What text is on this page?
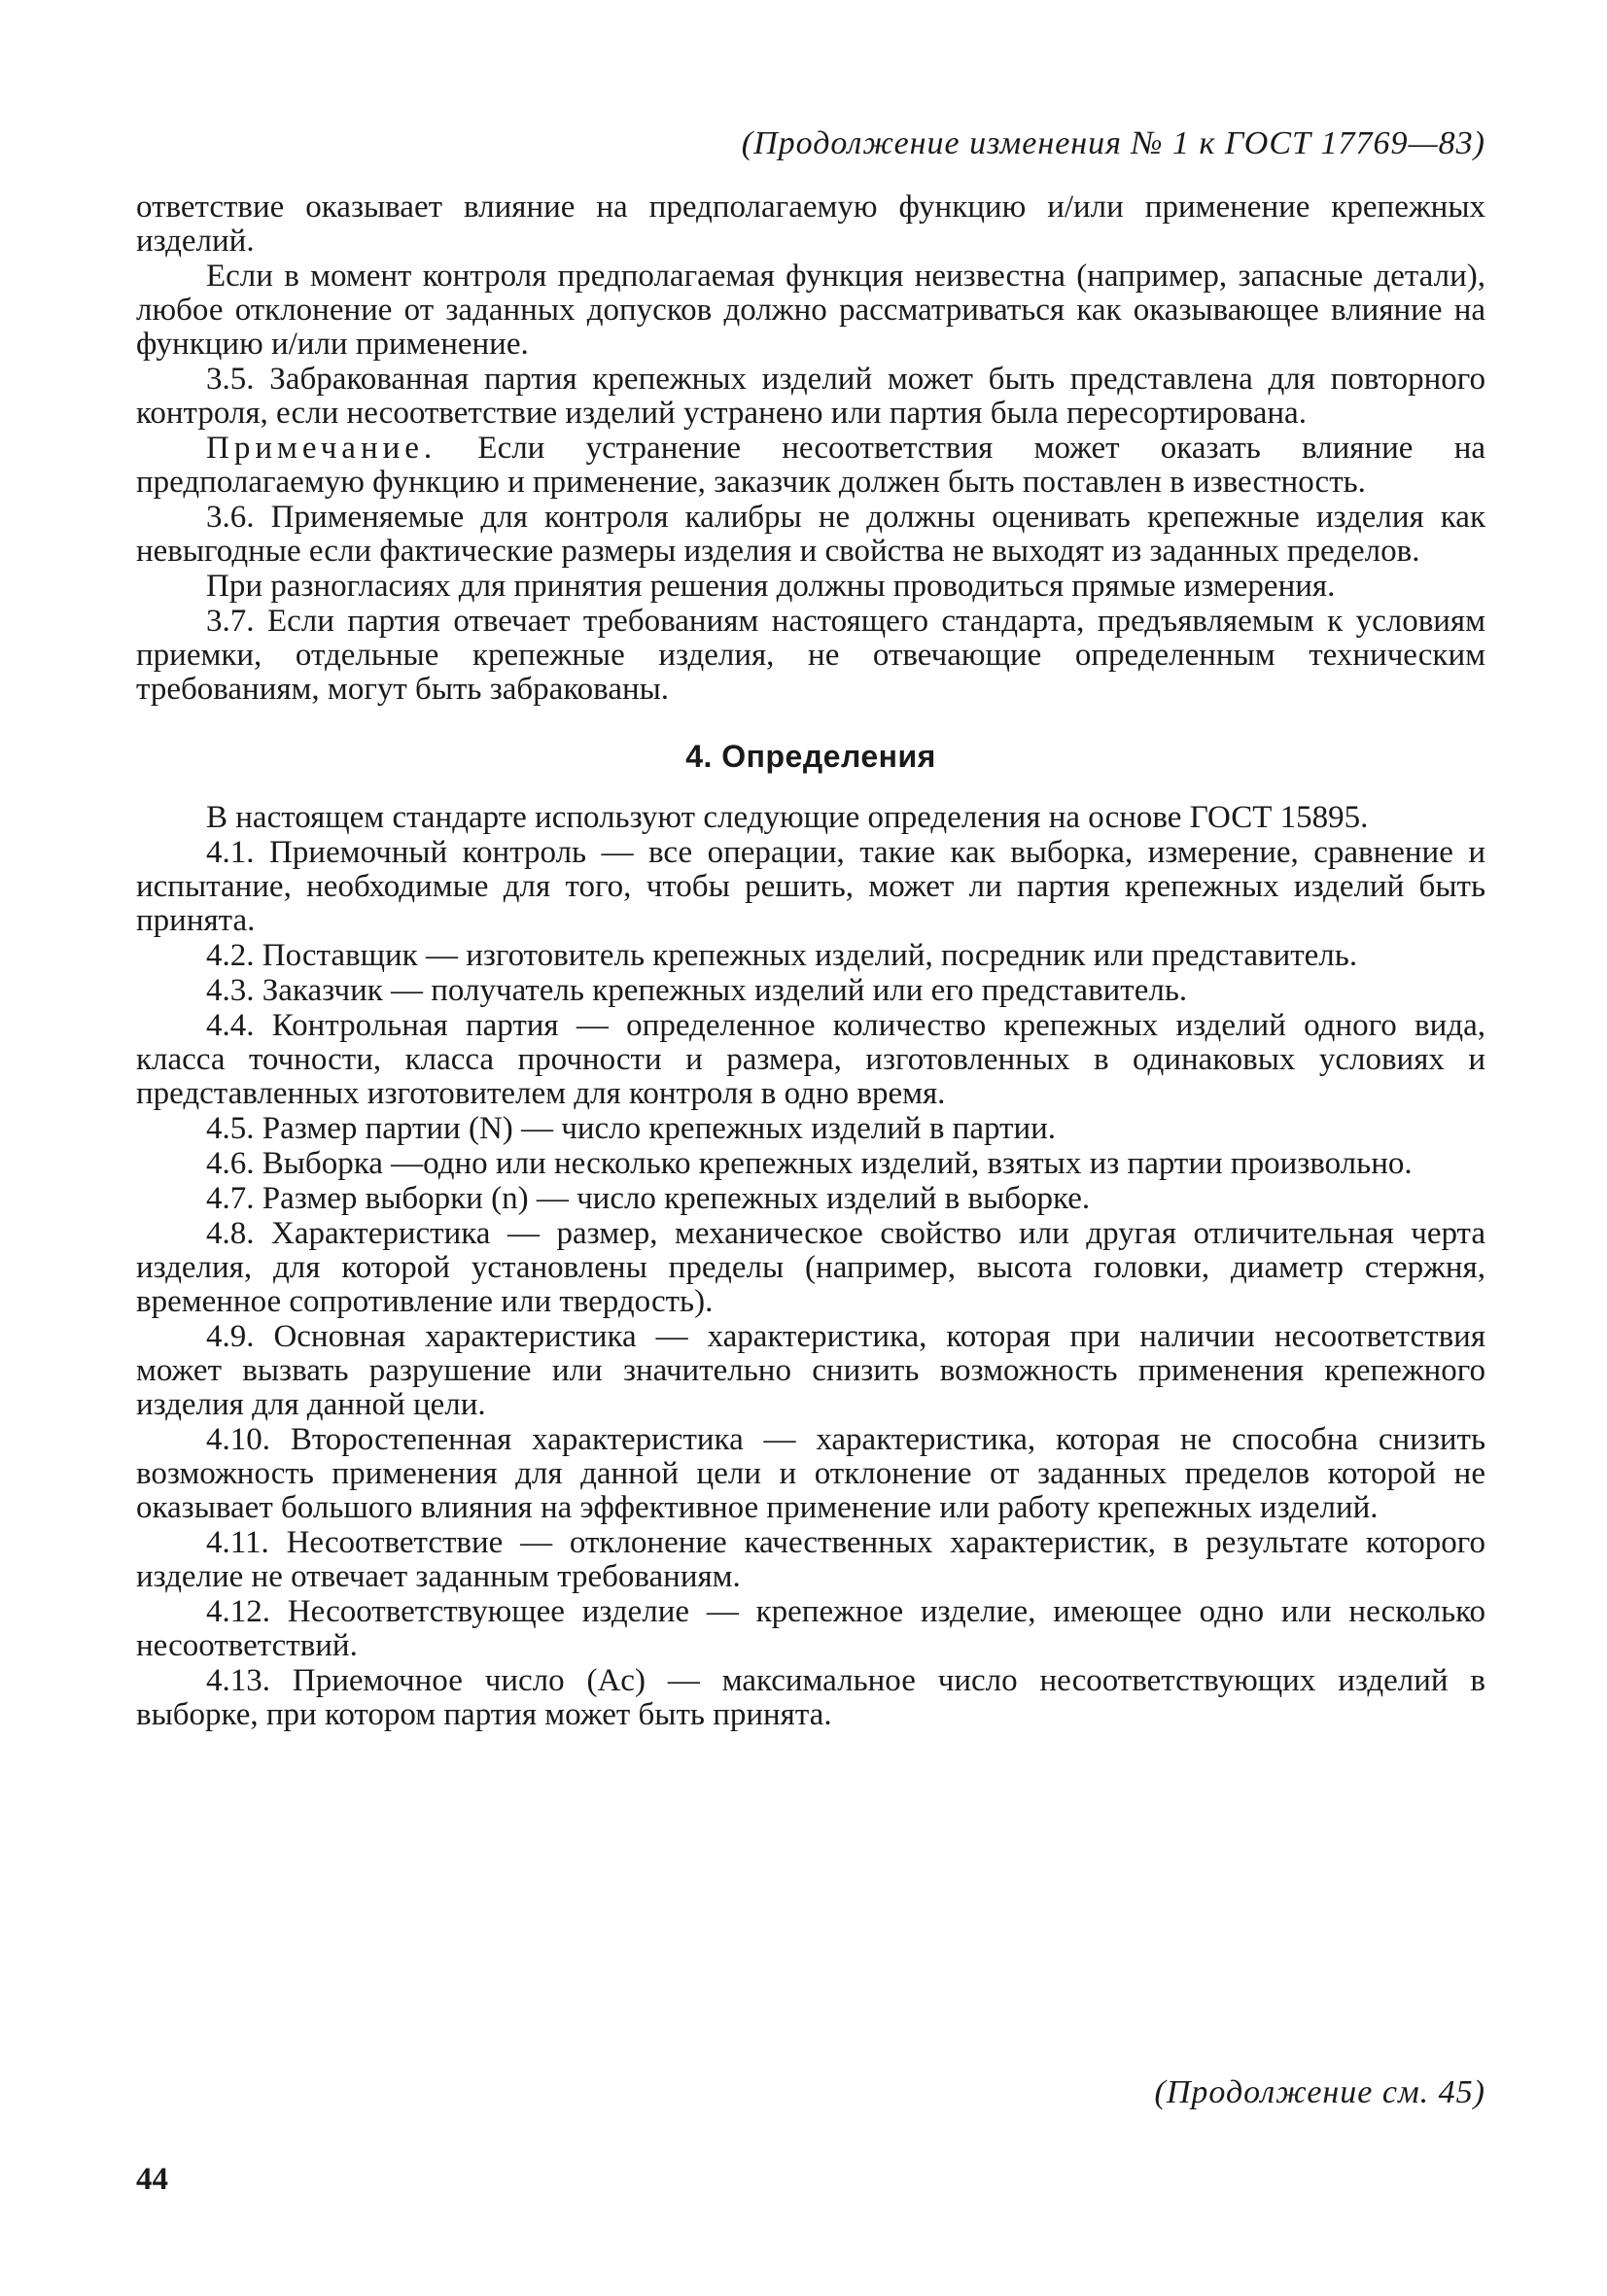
(Продолжение изменения № 1 к ГОСТ 17769—83)

ответствие оказывает влияние на предполагаемую функцию и/или применение крепежных изделий.

Если в момент контроля предполагаемая функция неизвестна (например, запасные детали), любое отклонение от заданных допусков должно рассматриваться как оказывающее влияние на функцию и/или применение.

3.5. Забракованная партия крепежных изделий может быть представлена для повторного контроля, если несоответствие изделий устранено или партия была пересортирована.

Примечание. Если устранение несоответствия может оказать влияние на предполагаемую функцию и применение, заказчик должен быть поставлен в известность.

3.6. Применяемые для контроля калибры не должны оценивать крепежные изделия как невыгодные если фактические размеры изделия и свойства не выходят из заданных пределов.

При разногласиях для принятия решения должны проводиться прямые измерения.

3.7. Если партия отвечает требованиям настоящего стандарта, предъявляемым к условиям приемки, отдельные крепежные изделия, не отвечающие определенным техническим требованиям, могут быть забракованы.

4. Определения

В настоящем стандарте используют следующие определения на основе ГОСТ 15895.

4.1. Приемочный контроль — все операции, такие как выборка, измерение, сравнение и испытание, необходимые для того, чтобы решить, может ли партия крепежных изделий быть принята.

4.2. Поставщик — изготовитель крепежных изделий, посредник или представитель.

4.3. Заказчик — получатель крепежных изделий или его представитель.

4.4. Контрольная партия — определенное количество крепежных изделий одного вида, класса точности, класса прочности и размера, изготовленных в одинаковых условиях и представленных изготовителем для контроля в одно время.

4.5. Размер партии (N) — число крепежных изделий в партии.

4.6. Выборка —одно или несколько крепежных изделий, взятых из партии произвольно.

4.7. Размер выборки (n) — число крепежных изделий в выборке.

4.8. Характеристика — размер, механическое свойство или другая отличительная черта изделия, для которой установлены пределы (например, высота головки, диаметр стержня, временное сопротивление или твердость).

4.9. Основная характеристика — характеристика, которая при наличии несоответствия может вызвать разрушение или значительно снизить возможность применения крепежного изделия для данной цели.

4.10. Второстепенная характеристика — характеристика, которая не способна снизить возможность применения для данной цели и отклонение от заданных пределов которой не оказывает большого влияния на эффективное применение или работу крепежных изделий.

4.11. Несоответствие — отклонение качественных характеристик, в результате которого изделие не отвечает заданным требованиям.

4.12. Несоответствующее изделие — крепежное изделие, имеющее одно или несколько несоответствий.

4.13. Приемочное число (Ac) — максимальное число несоответствующих изделий в выборке, при котором партия может быть принята.

(Продолжение см. 45)
44
